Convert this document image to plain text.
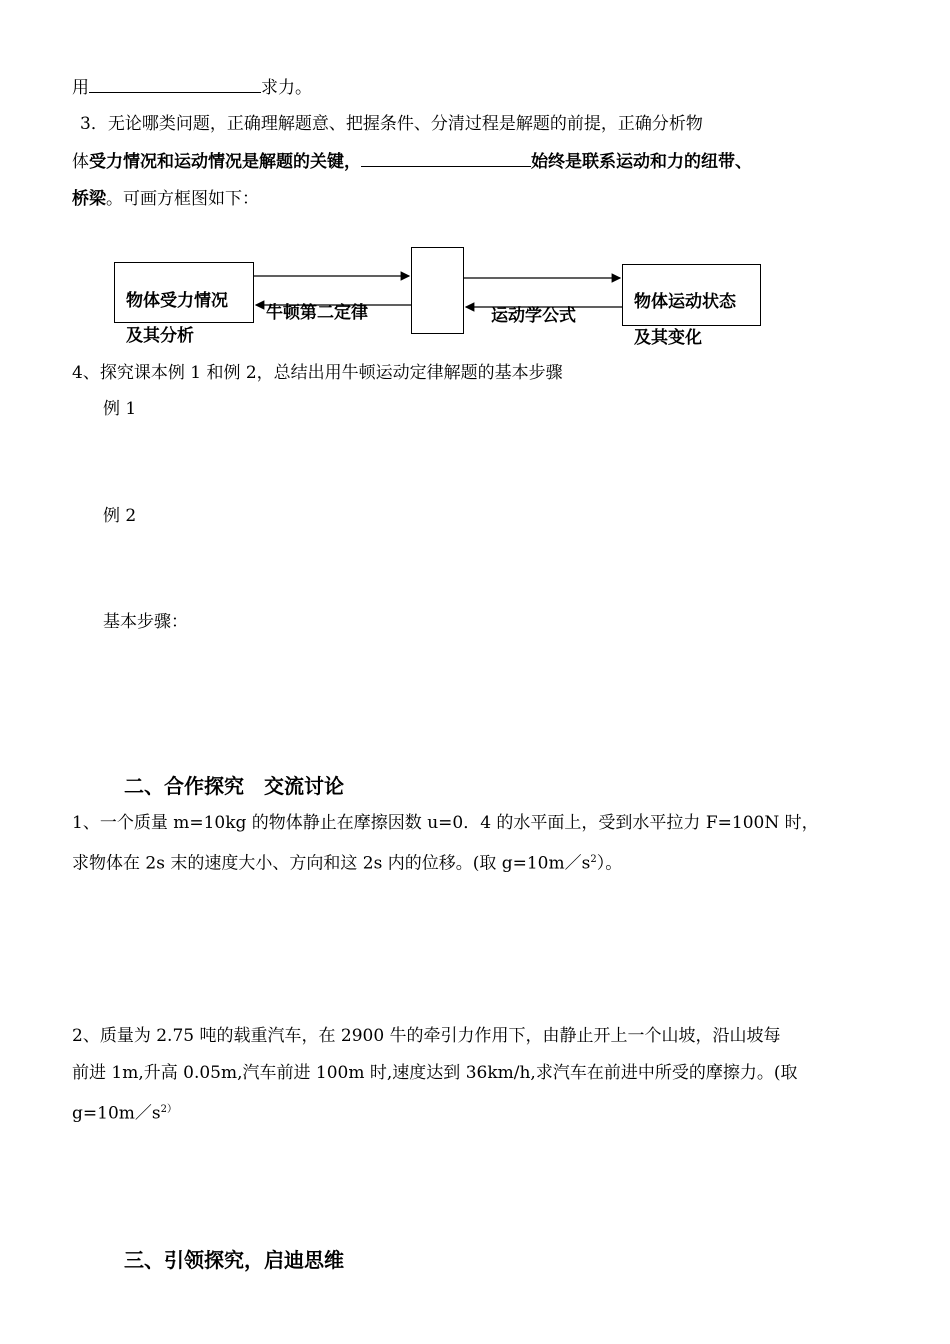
用	求力。
3．无论哪类问题，正确理解题意、把握条件、分清过程是解题的前提，正确分析物
体受力情况和运动情况是解题的关键，	始终是联系运动和力的纽带、
桥梁。可画方框图如下：
物体受力情况
及其分析
牛顿第二定律	运动学公式
物体运动状态
及其变化
4、探究课本例 1 和例 2，总结出用牛顿运动定律解题的基本步骤
例 1
例 2
基本步骤：
二、合作探究　交流讨论
1、一个质量 m=10kg 的物体静止在摩擦因数 u=0．4 的水平面上，受到水平拉力 F=100N 时，
求物体在 2s 末的速度大小、方向和这 2s 内的位移。(取 $g=10m/s^2$）。
2、质量为 2.75 吨的载重汽车，在 2900 牛的牵引力作用下，由静止开上一个山坡，沿山坡每
前进 1m,升高 0.05m,汽车前进 100m 时,速度达到 36km/h,求汽车在前进中所受的摩擦力。(取
$g=10m/s^{2)}$
三、引领探究，启迪思维
